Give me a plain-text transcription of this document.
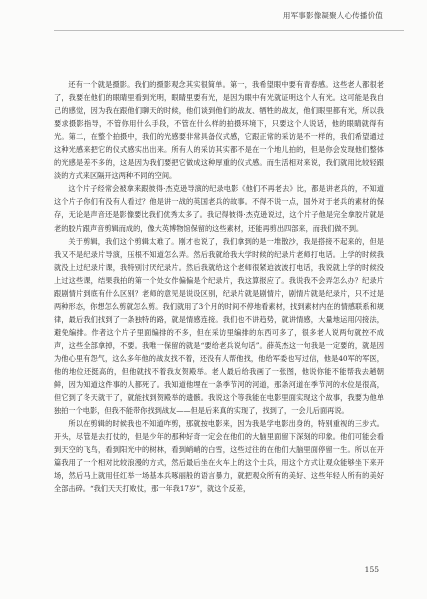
用军事影像凝聚人心传播价值

还有一个就是摄影。我们的摄影观念其实很简单。第一，我希望眼中要有青春感。这些老人都很老了，我要在他们的眼睛里看到光明，眼睛里要有光，是因为眼中有光就证明这个人有光。这可能是我自己的感觉，因为我在跟他们聊天的时候，他们谈到他们的战友、牺牲的战友，他们眼里都有光，所以我要求摄影指导，不管你用什么手段，不管在什么样的拍摄环境下，只要这个人说话，他的眼睛就得有光。第二，在整个拍摄中，我们的光感要非常具备仪式感，它跟正常的采访是不一样的，我们希望通过这种光感来把它的仪式感实出出来。所有人的采访其实都不是在一个地儿拍的，但是你会发现他们整体的光感是差不多的，这是因为我们要把它做成这种厚重的仪式感。而生活相对来说，我们就用比较轻跟淡的方式来区隔开这两种不同的空间。

这个片子经常会被拿来跟彼得·杰克逊导演的纪录电影《他们不再老去》比，都是讲老兵的，不知道这个片子你们有没有人看过？他是讲一战的英国老兵的故事。不得不说一点，国外对于老兵的素材的保存，无论是声音还是影像要比我们优秀太多了。我记得彼得·杰克逊说过，这个片子他是完全拿胶片就是老的胶片跟声音剪辑而成的，像大英博物馆保留的这些素材，还能再剪出四部来，而我们做不到。

关于剪辑，我们这个剪辑太难了。刚才也说了，我们拿到的是一堆散沙，我是搭接不起来的，但是我又不是纪录片导演，压根不知道怎么弄。然后我就给我大学时候的纪录片老师打电话。上学的时候我就没上过纪录片课，我特别讨厌纪录片。然后我就给这个老师很紧迫波波打电话，我说就上学的时候没上过这些课，结果我拍的第一个处女作偏偏是个纪录片，我这算报应了。我说我不会弄怎么办？纪录片跟剧情片到底有什么区别？老师的意见是说设区别，纪录片就是剧情片，剧情片就是纪录片，只不过是两种形态，你想怎么剪就怎么剪。我们就用了3个月的时间不停地看素材，找到素材内在的情感联系和规律，最后我们找到了一条独特的路，就是情感连接。我们也不讲趋势，就讲情感，大量地运用闪接法，避免编排。作者这个片子里面编排的不多，但在采访里编排的东西可多了，很多老人说两句就控不成声，这些全部拿掉，不要。我唯一保留的就是“要给老兵说句话”。薛英杰这一句我是一定要的，就是因为他心里有怨气，这么多年他的战友找不着，还没有人帮他找，他给军委也写过信，他是40军的军医，他的地位还挺高的，但他就找不着我友贺殿举。老人最后给我画了一张图，他说你能不能帮我去趟朝鲜，因为知道这件事的人都死了。我知道他埋在一条季节河的河道，那条河道在季节河的水位是很高，但它到了冬天就干了，就能找到贺殿举的遗骸。我说这个等我能在电影里面实现这个故事，我要为他单独拍一个电影，但我不能带你找到战友——但是后来真的实现了，找到了，一会儿后面再说。

所以在剪辑的时候我也不知道咋剪，那就按电影来，因为我是学电影出身的，特别重视的三步式。开头，尽管是去打仗的，但是少年的那种好奇一定会在他们的大脑里面留下深刻的印象。他们可能会看到天空的飞鸟，看到阳光中的树林，看到峭峭的白雪，这些过往的在他们大脑里面停留一生。所以在开篇我用了一个相对比较浪漫的方式，然后最后坐在火车上的这个士兵，用这个方式让观众能够坐下来开场，然后马上就用任红举一场基本兵啄丽般的语言暴力，就把观众所有的美好、这些年轻人所有的美好全部击碎。“我们天天打败仗，那一年我17岁”，就这个反差，

155
